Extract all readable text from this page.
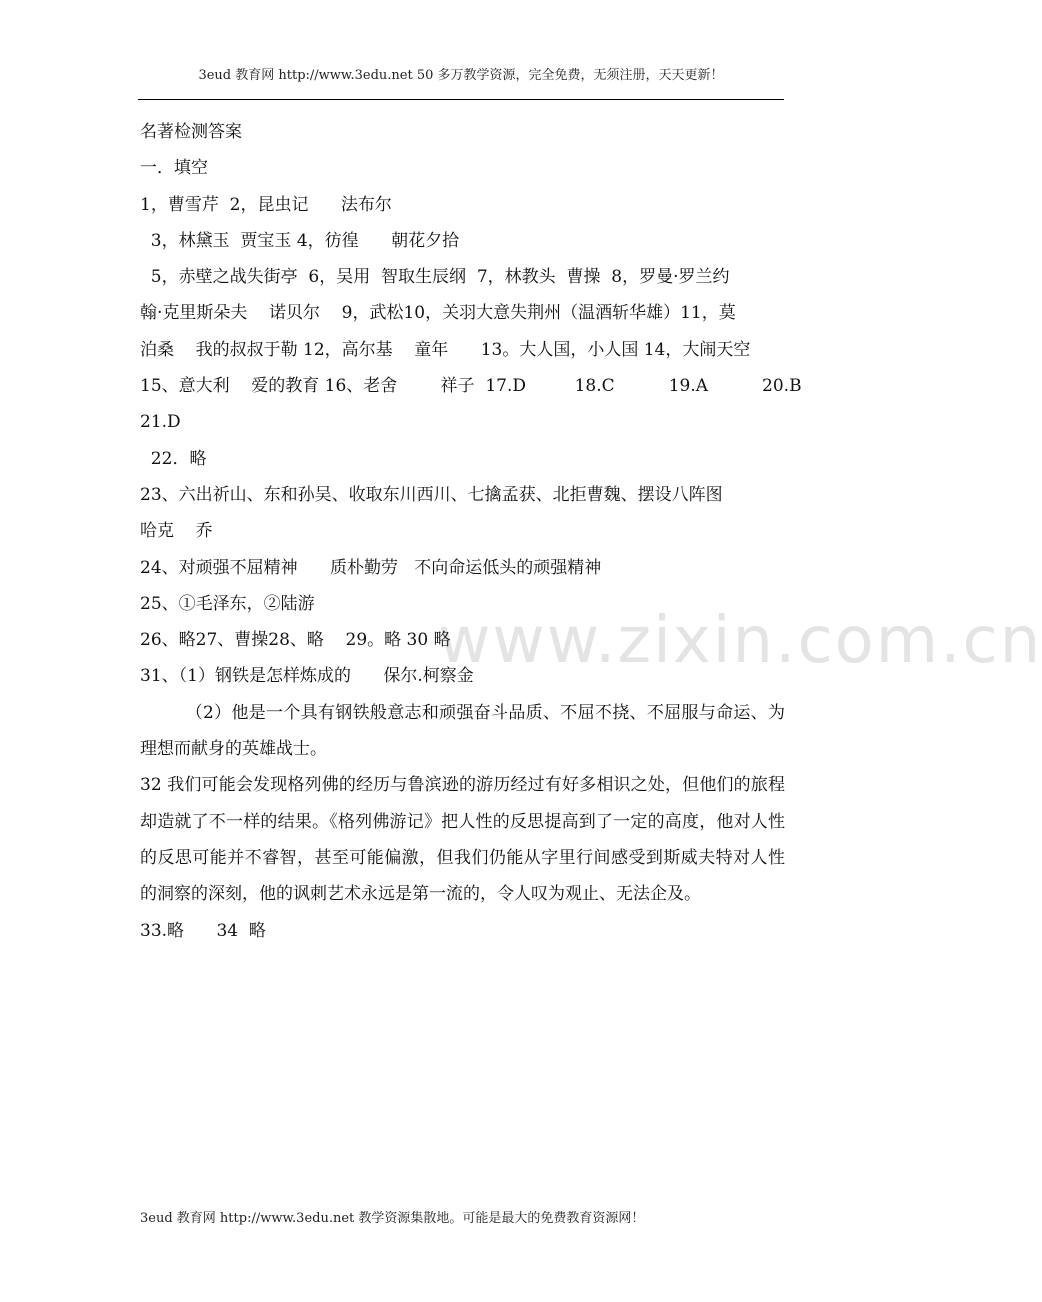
3eud 教育网 http://www.3edu.net 50 多万教学资源，完全免费，无须注册，天天更新！
www.zixin.com.cn
名著检测答案
一．填空
1，曹雪芹  2，昆虫记      法布尔
3，林黛玉  贾宝玉 4，彷徨      朝花夕拾
5，赤壁之战失街亭  6，吴用  智取生辰纲  7，林教头  曹操  8，罗曼·罗兰约
翰·克里斯朵夫    诺贝尔    9，武松10，关羽大意失荆州（温酒斩华雄）11，莫
泊桑    我的叔叔于勒 12，高尔基    童年      13。大人国，小人国 14，大闹天空
15、意大利    爱的教育 16、老舍        祥子  17.D         18.C          19.A          20.B
21.D
22．略
23、六出祈山、东和孙吴、收取东川西川、七擒孟获、北拒曹魏、摆设八阵图
哈克    乔
24、对顽强不屈精神      质朴勤劳   不向命运低头的顽强精神
25、①毛泽东，②陆游
26、略27、曹操28、略    29。略 30 略
31、（1）钢铁是怎样炼成的      保尔.柯察金
（2）他是一个具有钢铁般意志和顽强奋斗品质、不屈不挠、不屈服与命运、为理想而献身的英雄战士。
32 我们可能会发现格列佛的经历与鲁滨逊的游历经过有好多相识之处，但他们的旅程却造就了不一样的结果。《格列佛游记》把人性的反思提高到了一定的高度，他对人性的反思可能并不睿智，甚至可能偏激，但我们仍能从字里行间感受到斯威夫特对人性的洞察的深刻，他的讽刺艺术永远是第一流的，令人叹为观止、无法企及。
33.略      34  略
3eud 教育网 http://www.3edu.net 教学资源集散地。可能是最大的免费教育资源网！
